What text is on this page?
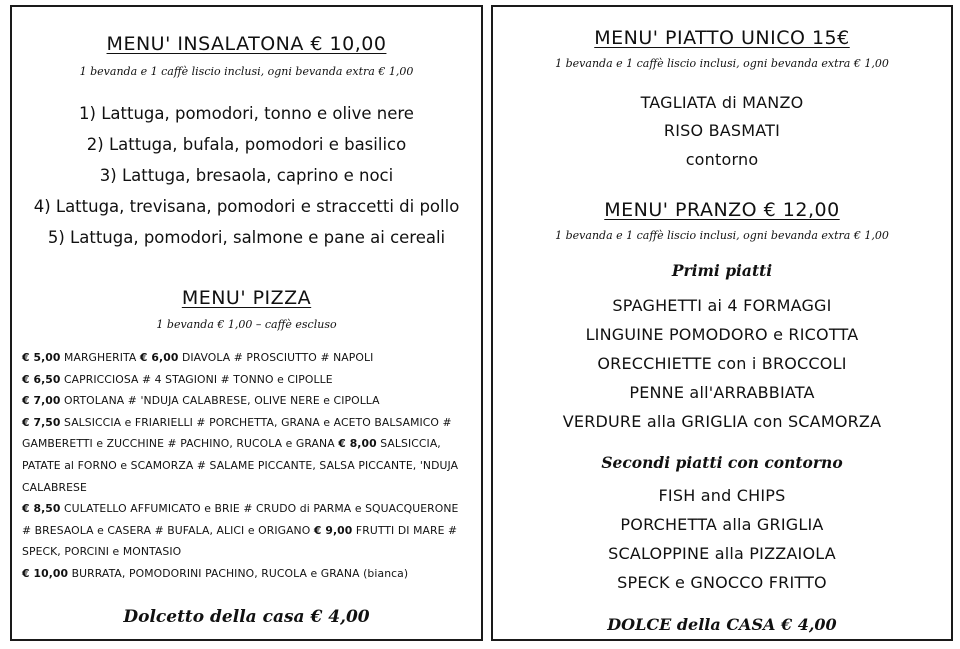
MENU' INSALATONA € 10,00

1 bevanda e 1 caffè liscio inclusi, ogni bevanda extra € 1,00

1) Lattuga, pomodori, tonno e olive nere

2) Lattuga, bufala, pomodori e basilico

3) Lattuga, bresaola, caprino e noci

4) Lattuga, trevisana, pomodori e straccetti di pollo

5) Lattuga, pomodori, salmone e pane ai cereali

MENU' PIZZA

1 bevanda € 1,00 – caffè escluso

€ 5,00 MARGHERITA € 6,00 DIAVOLA # PROSCIUTTO # NAPOLI
€ 6,50 CAPRICCIOSA # 4 STAGIONI # TONNO e CIPOLLE
€ 7,00 ORTOLANA # 'NDUJA CALABRESE, OLIVE NERE e CIPOLLA
€ 7,50 SALSICCIA e FRIARIELLI # PORCHETTA, GRANA e ACETO BALSAMICO # GAMBERETTI e ZUCCHINE # PACHINO, RUCOLA e GRANA € 8,00 SALSICCIA, PATATE al FORNO e SCAMORZA # SALAME PICCANTE, SALSA PICCANTE, 'NDUJA CALABRESE
€ 8,50 CULATELLO AFFUMICATO e BRIE # CRUDO di PARMA e SQUACQUERONE # BRESAOLA e CASERA # BUFALA, ALICI e ORIGANO € 9,00 FRUTTI DI MARE # SPECK, PORCINI e MONTASIO
€ 10,00 BURRATA, POMODORINI PACHINO, RUCOLA e GRANA (bianca)

Dolcetto della casa € 4,00

MENU' PIATTO UNICO 15€

1 bevanda e 1 caffè liscio inclusi, ogni bevanda extra € 1,00

TAGLIATA di MANZO

RISO BASMATI

contorno

MENU' PRANZO € 12,00

1 bevanda e 1 caffè liscio inclusi, ogni bevanda extra € 1,00

Primi piatti

SPAGHETTI ai 4 FORMAGGI

LINGUINE POMODORO e RICOTTA

ORECCHIETTE con i BROCCOLI

PENNE all'ARRABBIATA

VERDURE alla GRIGLIA con SCAMORZA

Secondi piatti con contorno

FISH and CHIPS

PORCHETTA alla GRIGLIA

SCALOPPINE alla PIZZAIOLA

SPECK e GNOCCO FRITTO

DOLCE della CASA € 4,00
